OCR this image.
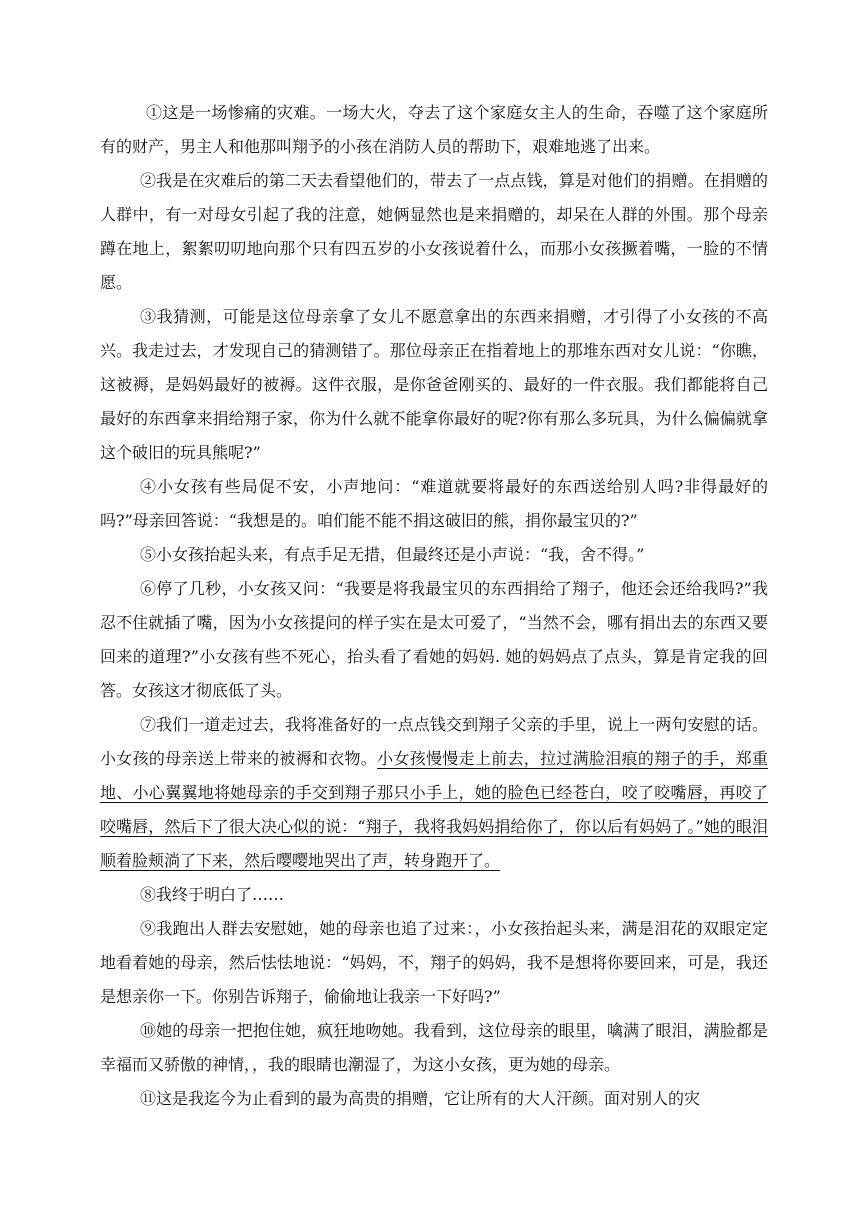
①这是一场惨痛的灾难。一场大火，夺去了这个家庭女主人的生命，吞噬了这个家庭所有的财产，男主人和他那叫翔予的小孩在消防人员的帮助下，艰难地逃了出来。

②我是在灾难后的第二天去看望他们的，带去了一点点钱，算是对他们的捐赠。在捐赠的人群中，有一对母女引起了我的注意，她俩显然也是来捐赠的，却呆在人群的外围。那个母亲蹲在地上，絮絮叨叨地向那个只有四五岁的小女孩说着什么，而那小女孩撅着嘴，一脸的不情愿。

③我猜测，可能是这位母亲拿了女儿不愿意拿出的东西来捐赠，才引得了小女孩的不高兴。我走过去，才发现自己的猜测错了。那位母亲正在指着地上的那堆东西对女儿说：“你瞧，这被褥，是妈妈最好的被褥。这件衣服，是你爸爸刚买的、最好的一件衣服。我们都能将自己最好的东西拿来捐给翔子家，你为什么就不能拿你最好的呢?你有那么多玩具，为什么偏偏就拿这个破旧的玩具熊呢?”

④小女孩有些局促不安，小声地问：“难道就要将最好的东西送给别人吗?非得最好的吗?”母亲回答说：“我想是的。咱们能不能不捐这破旧的熊，捐你最宝贝的?”

⑤小女孩抬起头来，有点手足无措，但最终还是小声说：“我，舍不得。”

⑥停了几秒，小女孩又问：“我要是将我最宝贝的东西捐给了翔子，他还会还给我吗?”我忍不住就插了嘴，因为小女孩提问的样子实在是太可爱了，“当然不会，哪有捐出去的东西又要回来的道理?”小女孩有些不死心，抬头看了看她的妈妈. 她的妈妈点了点头，算是肯定我的回答。女孩这才彻底低了头。

⑦我们一道走过去，我将准备好的一点点钱交到翔子父亲的手里，说上一两句安慰的话。小女孩的母亲送上带来的被褥和衣物。小女孩慢慢走上前去，拉过满脸泪痕的翔子的手，郑重地、小心翼翼地将她母亲的手交到翔子那只小手上，她的脸色已经苍白，咬了咬嘴唇，再咬了咬嘴唇，然后下了很大决心似的说：“翔子，我将我妈妈捐给你了，你以后有妈妈了。”她的眼泪顺着脸颊淌了下来，然后嘤嘤地哭出了声，转身跑开了。

⑧我终于明白了……

⑨我跑出人群去安慰她，她的母亲也追了过来：，小女孩抬起头来，满是泪花的双眼定定地看着她的母亲，然后怯怯地说：“妈妈，不，翔子的妈妈，我不是想将你要回来，可是，我还是想亲你一下。你别告诉翔子，偷偷地让我亲一下好吗?”

⑩她的母亲一把抱住她，疯狂地吻她。我看到，这位母亲的眼里，噙满了眼泪，满脸都是幸福而又骄傲的神情，，我的眼睛也潮湿了，为这小女孩，更为她的母亲。

⑪这是我迄今为止看到的最为高贵的捐赠，它让所有的大人汗颜。面对别人的灾
